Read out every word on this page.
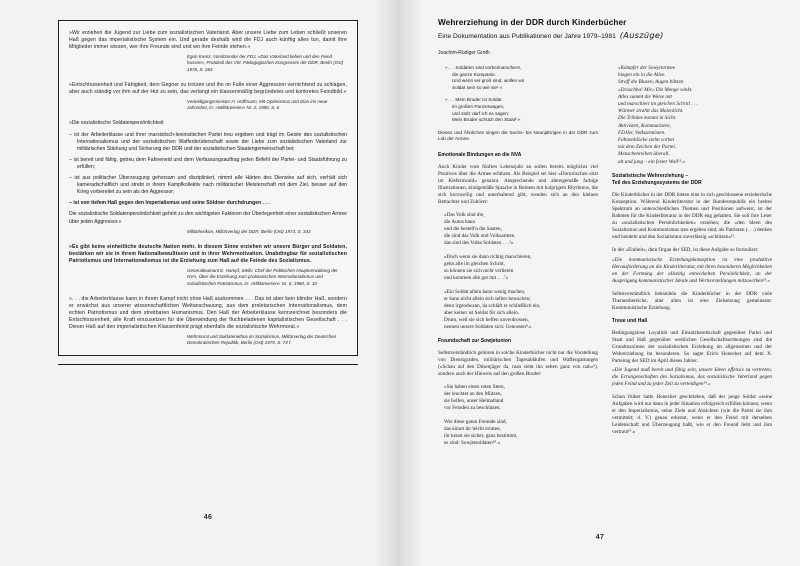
»Wir erziehen die Jugend zur Liebe zum sozialistischen Vaterland. Aber unsere Liebe zum Leben schließt unseren Haß gegen das imperialistische System ein. Und gerade deshalb wird die FDJ auch künftig alles tun, damit ihre Mitglieder immer wissen, wer ihre Freunde sind und wo ihre Feinde stehen.«

Egon Krenz, Vorsitzender der FDJ, »Das Vaterland lieben und den Feind hassen«, Protokoll des VIII. Pädagogischen Kongresses der DDR, Berlin (Ost) 1978, S. 264

»Entschlossenheit und Fähigkeit, dem Gegner zu trotzen und ihn im Falle einer Aggression vernichtend zu schlagen, aber auch ständig vor ihm auf der Hut zu sein, das verlangt ein klassenmäßig begründetes und konkretes Feindbild.«

Verteidigungsminister H. Hoffmann, Mit Optimismus und Elan ins neue Jahrzehnt, in: »Militärwesen« Nr. 2, 1980, S. 6

»Die sozialistische Soldatenpersönlichkeit

– ist der Arbeiterklasse und ihrer marxistisch-leninistischen Partei treu ergeben und trägt im Geiste des sozialistischen Internationalismus und der sozialistischen Waffenbrüderschaft sowie der Liebe zum sozialistischen Vaterland zur militärischen Stärkung und Sicherung der DDR und der sozialistischen Staatengemeinschaft bei;

– ist bereit und fähig, getreu dem Fahneneid und dem Verfassungsauftrag jeden Befehl der Partei- und Staatsführung zu erfüllen;

– ist aus politischer Überzeugung gehorsam und diszipliniert, nimmt alle Härten des Dienstes auf sich, verhält sich kameradschaftlich und strebt in ihrem Kampfkollektiv nach militärischer Meisterschaft mit dem Ziel, besser auf den Krieg vorbereitet zu sein als der Aggressor;

– ist von tiefem Haß gegen den Imperialismus und seine Söldner durchdrungen . . .

Die sozialistische Soldatenpersönlichkeit gehört zu den wichtigsten Faktoren der Überlegenheit einer sozialistischen Armee über jeden Aggressor.«

Militärlexikon, Militärverlag der DDR, Berlin (Ost) 1973, S. 343

»Es gibt keine einheitliche deutsche Nation mehr. In diesem Sinne erziehen wir unsere Bürger und Soldaten, bestärken wir sie in ihrem Nationalbewußtsein und in ihrer Wehrmotivation. Unabdingbar für sozialistischen Patriotismus und Internationalismus ist die Erziehung zum Haß auf die Feinde des Sozialismus.

Generalleutnant E. Hampf, Stellv. Chef der Politischen Hauptverwaltung der NVA, Über die Erziehung zum proletarischen Internationalismus und sozialistischen Patriotismus, in: »Militärwesen« Nr. 8, 1980, S. 10

». . . die Arbeiterklasse kann in ihrem Kampf nicht ohne Haß auskommen . . . Das ist aber kein blinder Haß, sondern er erwächst aus unserer wissenschaftlichen Weltanschauung, aus dem proletarischen Internationalismus, dem echten Patriotismus und dem streitbaren Humanismus. Den Haß der Arbeiterklasse kennzeichnet besonders die Entschlossenheit, alle Kraft einzusetzen für die Überwindung der fluchbeladenen kapitalistischen Gesellschaft . . . Dieser Haß auf den imperialistischen Klassenfeind prägt ebenfalls die sozialistische Wehrmoral.«

Wehrmoral und Soldatenethos im Sozialismus, Militärverlag der Deutschen Demokratischen Republik, Berlin (Ost) 1975, S. 74 f.

46
Wehrerziehung in der DDR durch Kinderbücher
Eine Dokumentation aus Publikationen der Jahre 1979–1981 (Auszüge)
Joachim-Rüdiger Groth
». . . Soldaten sind vorbeimarschiert,
die ganze Kompanie.
Und wenn wir groß sind, wollen wir
Soldat sein so wie sie¹.«
». . . Mein Bruder ist Soldat
im großen Panzerwagen,
und stolz darf ich es sagen:
Mein Bruder schützt den Staat².«

Dieses und Ähnliches singen die Sechs- bis Neunjährigen in der DDR zum Lob der Armee.

Emotionale Bindungen an die NVA

Auch Kinder vom fünften Lebensjahr an sollen bereits möglichst viel Positives über die Armee erfahren. Als Beispiel sei hier »Dornröschen sitzt im Kiefernwald« genannt. Ansprechende und altersgemäße farbige Illustrationen, kindgemäße Sprache in Reimen mit holprigem Rhythmus, die sich kurzweilig und unterhaltend gibt, wenden sich an den kleinen Betrachter und Zuhörer:

»Das Volk sind die,
die Autos baun
und die bestell'n die Saaten,
die sind das Volk und Volksarmee,
das sind des Volks Soldaten . . .³«
»Doch wenn sie dann richtig marschieren,
gehn alle im gleichen Schritt,
so können sie sich nicht verlieren
und kommen alle gut mit . . .⁷«
«Ein Soldat allein kann wenig machen,
er kann nicht allein sich selber bewachen;
denn irgendwann, da schläft er schließlich ein,
aber keiner ist Soldat für sich allein.
Drum, weil sie sich helfen unverdrossen,
nennen unsere Soldaten sich: Genossen⁸.«
Freundschaft zur Sowjetunion

Selbstverständlich gehören in solche Kinderbücher nicht nur die Vorstellung von Dienstgraden, militärischen Tagesabläufen und Waffengattungen (»Schau auf den Düsenjäger da, man sieht ihn selten ganz von nah«⁹), sondern auch der Hinweis auf den großen Bruder:

»Sie haben einen roten Stern,
der leuchtet an den Mützen,
sie helfen, unser Heimatland
vor Feinden zu beschützen.
Wer diese guten Freunde sind,
das könnt ihr leicht erraten,
ihr kennt sie sicher, ganz bestimmt,
es sind: Sowjetsoldaten¹⁰.«
»Kämpfer der Sowjetarmee
biegen ein in die Allee.
Straff die Blusen, Augen blitzen
»Druschba! Mir« Die Menge winkt.
Alles summt die Weise mit
und marschiert im gleichen Schritt . . .
Wärmer strahlt das Maienlicht.
Die Tribüne kommt in Sicht.
Aktivisten, Kommunisten,
FDJler, Volksarmisten.
Fahnenblöcke ziehn vorbei
mit dem Zeichen der Partei.
Menschenreihen überall,
alt und jung – ein fester Wall¹¹.«
Sozialistische Wehrerziehung –
Teil des Erziehungssystems der DDR

Die Kinderbücher in der DDR bieten eine in sich geschlossene erzieherische Konzeption. Während Kinderliteratur in der Bundesrepublik ein breites Spektrum an unterschiedlichen Themen und Positionen aufweist, ist der Rahmen für die Kinderliteratur in der DDR eng gehalten. Sie soll ihre Leser zu »sozialistischen Persönlichkeiten« erziehen, die »den Ideen des Sozialismus und Kommunismus treu ergeben sind, als Patrioten (. . .) denken und handeln und den Sozialismus zuverlässig »schützen«¹².

In der »Einheit«, dem Organ der SED, ist diese Aufgabe so formuliert:

»Die kommunistische Erziehungskonzeption ist eine produktive Herausforderung an die Kinderliteratur, mit ihren besonderen Möglichkeiten an der Formung der allseitig entwickelten Persönlichkeit, an der Ausprägung kommunistischer Ideale und Wertvorstellungen mitzuwirken¹³.«

Selbstverständlich behandeln die Kinderbücher in der DDR viele Themenbereiche, aber allen ist eine Zielsetzung gemeinsam: Kommunistische Erziehung.

Treue und Haß

Bedingungslose Loyalität und Einsatzbereitschaft gegenüber Partei und Staat und Haß gegenüber westlichen Gesellschaftsordnungen sind die Grundmaximen der sozialistischen Erziehung im allgemeinen und der Wehrerziehung im besonderen. So sagte Erich Honecker auf dem X. Parteitag der SED im April dieses Jahres:

»Die Jugend muß bereit und fähig sein, unsere Ideen offensiv zu vertreten, die Errungenschaften des Sozialismus, das sozialistische Vaterland gegen jeden Feind und zu jeder Zeit zu verteidigen¹⁴.«

Schon früher hatte Honecker geschrieben, daß der junge Soldat »seine Aufgaben wird nur dann in jeder Situation erfolgreich erfüllen können, wenn er den Imperialismus, seine Ziele und Absichten (wie die Partei sie ihm vermittelt; d. V.) genau erkennt, wenn er den Feind mit derselben Leidenschaft und Überzeugung haßt, wie er den Freund liebt und ihm vertraut¹⁵.«

47
